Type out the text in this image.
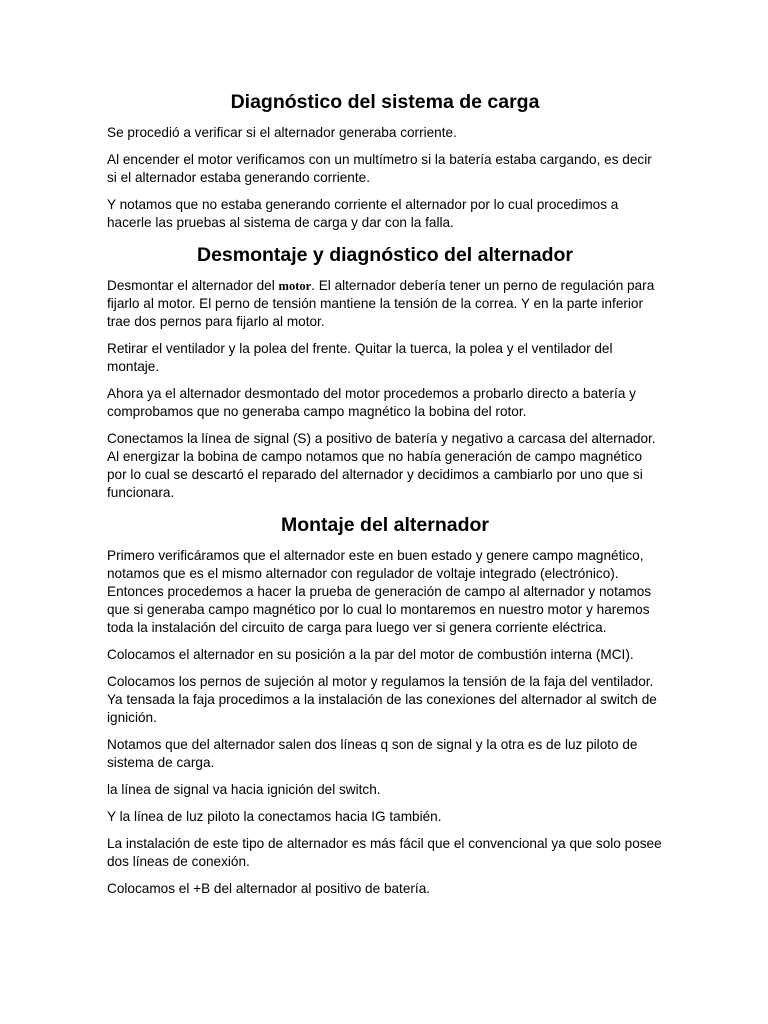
Diagnóstico del sistema de carga

Se procedió a verificar si el alternador generaba corriente.

Al encender el motor verificamos con un multímetro si la batería estaba cargando, es decir si el alternador estaba generando corriente.

Y notamos que no estaba generando corriente el alternador por lo cual procedimos a hacerle las pruebas al sistema de carga y dar con la falla.

Desmontaje y diagnóstico del alternador

Desmontar el alternador del motor. El alternador debería tener un perno de regulación para fijarlo al motor. El perno de tensión mantiene la tensión de la correa. Y en la parte inferior trae dos pernos para fijarlo al motor.

Retirar el ventilador y la polea del frente. Quitar la tuerca, la polea y el ventilador del montaje.

Ahora ya el alternador desmontado del motor procedemos a probarlo directo a batería y comprobamos que no generaba campo magnético la bobina del rotor.

Conectamos la línea de signal (S) a positivo de batería y negativo a carcasa del alternador. Al energizar la bobina de campo notamos que no había generación de campo magnético por lo cual se descartó el reparado del alternador y decidimos a cambiarlo por uno que si funcionara.

Montaje del alternador

Primero verificáramos que el alternador este en buen estado y genere campo magnético, notamos que es el mismo alternador con regulador de voltaje integrado (electrónico). Entonces procedemos a hacer la prueba de generación de campo al alternador y notamos que si generaba campo magnético por lo cual lo montaremos en nuestro motor y haremos toda la instalación del circuito de carga para luego ver si genera corriente eléctrica.

Colocamos el alternador en su posición a la par del motor de combustión interna (MCI).

Colocamos los pernos de sujeción al motor y regulamos la tensión de la faja del ventilador. Ya tensada la faja procedimos a la instalación de las conexiones del alternador al switch de ignición.

Notamos que del alternador salen dos líneas q son de signal y la otra es de luz piloto de sistema de carga.

la línea de signal va hacia ignición del switch.

Y la línea de luz piloto la conectamos hacia IG también.

La instalación de este tipo de alternador es más fácil que el convencional ya que solo posee dos líneas de conexión.

Colocamos el +B del alternador al positivo de batería.
